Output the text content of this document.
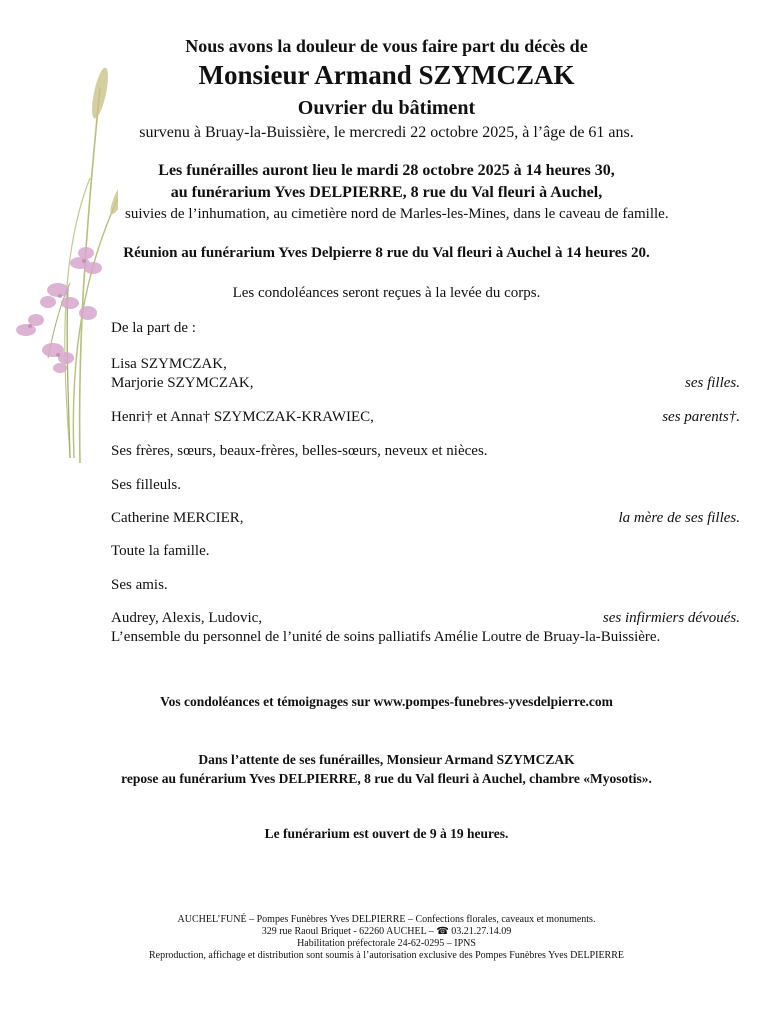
Nous avons la douleur de vous faire part du décès de
Monsieur Armand SZYMCZAK
Ouvrier du bâtiment
survenu à Bruay-la-Buissière, le mercredi 22 octobre 2025, à l’âge de 61 ans.
Les funérailles auront lieu le mardi 28 octobre 2025 à 14 heures 30,
au funérarium Yves DELPIERRE, 8 rue du Val fleuri à Auchel,
suivies de l’inhumation, au cimetière nord de Marles-les-Mines, dans le caveau de famille.
Réunion au funérarium Yves Delpierre 8 rue du Val fleuri à Auchel à 14 heures 20.
Les condoléances seront reçues à la levée du corps.
De la part de :
Lisa SZYMCZAK,
Marjorie SZYMCZAK,	ses filles.
Henri† et Anna† SZYMCZAK-KRAWIEC,	ses parents†.
Ses frères, sœurs, beaux-frères, belles-sœurs, neveux et nièces.
Ses filleuls.
Catherine MERCIER,	la mère de ses filles.
Toute la famille.
Ses amis.
Audrey, Alexis, Ludovic,	ses infirmiers dévoués.
L’ensemble du personnel de l’unité de soins palliatifs Amélie Loutre de Bruay-la-Buissière.
Vos condoléances et témoignages sur www.pompes-funebres-yvesdelpierre.com
Dans l’attente de ses funérailles, Monsieur Armand SZYMCZAK
repose au funérarium Yves DELPIERRE, 8 rue du Val fleuri à Auchel, chambre «Myosotis».
Le funérarium est ouvert de 9 à 19 heures.
AUCHEL’FUNÉ – Pompes Funèbres Yves DELPIERRE – Confections florales, caveaux et monuments.
329 rue Raoul Briquet - 62260 AUCHEL – ☎ 03.21.27.14.09
Habilitation préfectorale 24-62-0295 – IPNS
Reproduction, affichage et distribution sont soumis à l’autorisation exclusive des Pompes Funèbres Yves DELPIERRE
